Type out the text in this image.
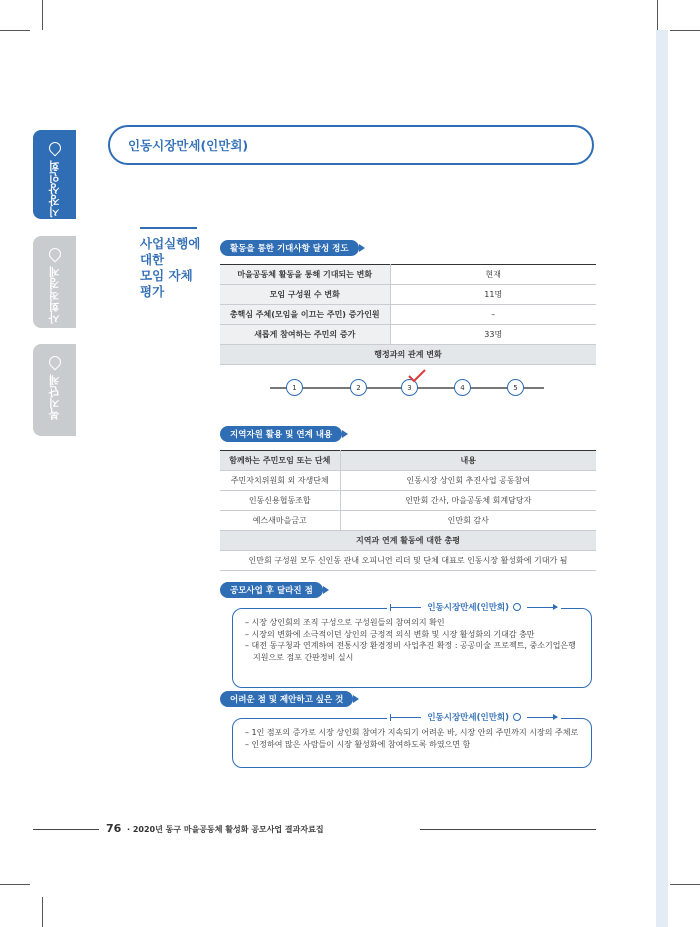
시장상인회
사회적경제
복지단체
인동시장만세(인만회)
사업실행에
대한
모임 자체
평가
활동을 통한 기대사항 달성 정도
마을공동체 활동을 통해 기대되는 변화	현재
모임 구성원 수 변화	11명
총핵심 주체(모임을 이끄는 주민) 증가인원	–
새롭게 참여하는 주민의 증가	33명
행정과의 관계 변화	
1	2	3	4	5
지역자원 활용 및 연계 내용
함께하는 주민모임 또는 단체	내용
주민자치위원회 외 자생단체	인동시장 상인회 추진사업 공동참여
인동신용협동조합	인만회 간사, 마을공동체 회계담당자
예스새마을금고	인만회 감사
지역과 연계 활동에 대한 총평	
인만회 구성원 모두 신인동 관내 오피니언 리더 및 단체 대표로 인동시장 활성화에 기대가 됨	
공모사업 후 달라진 점
인동시장만세(인만회)
– 시장 상인회의 조직 구성으로 구성원들의 참여의지 확인
– 시장의 변화에 소극적이던 상인의 긍정적 의식 변화 및 시장 활성화의 기대감 충만
– 대전 동구청과 연계하여 전통시장 환경정비 사업추진 확정 : 공공미술 프로젝트, 중소기업은행
지원으로 점포 간판정비 실시
어려운 점 및 제안하고 싶은 것
인동시장만세(인만회)
– 1인 점포의 증가로 시장 상인회 참여가 지속되기 어려운 바, 시장 안의 주민까지 시장의 주체로
– 인정하여 많은 사람들이 시장 활성화에 참여하도록 하였으면 함
76 · 2020년 동구 마을공동체 활성화 공모사업 결과자료집
